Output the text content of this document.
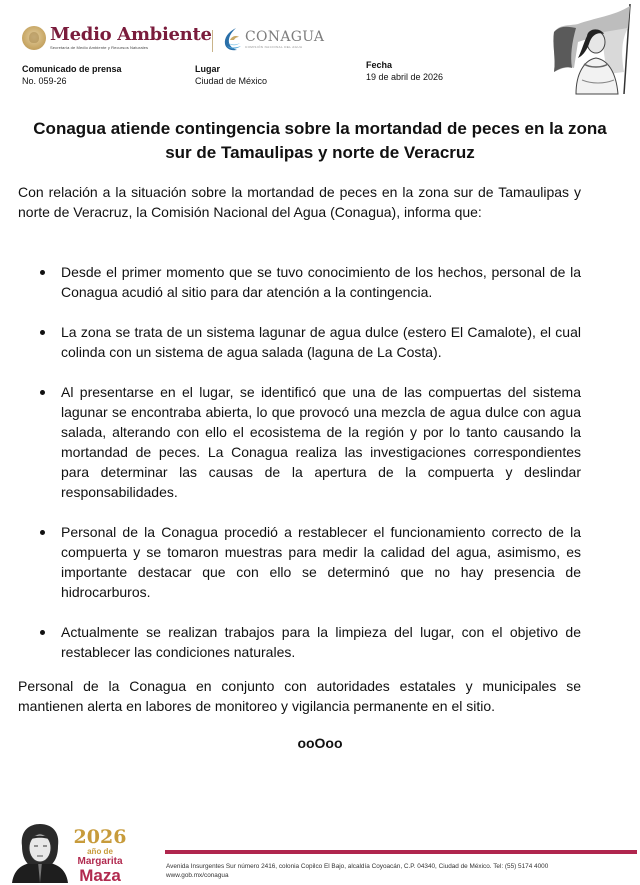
Medio Ambiente
Secretaría de Medio Ambiente y Recursos Naturales
CONAGUA
COMISIÓN NACIONAL DEL AGUA
Comunicado de prensa
No. 059-26
Lugar
Ciudad de México
Fecha
19 de abril de 2026
Conagua atiende contingencia sobre la mortandad de peces en la zona sur de Tamaulipas y norte de Veracruz

Con relación a la situación sobre la mortandad de peces en la zona sur de Tamaulipas y norte de Veracruz, la Comisión Nacional del Agua (Conagua), informa que:

Desde el primer momento que se tuvo conocimiento de los hechos, personal de la Conagua acudió al sitio para dar atención a la contingencia.
La zona se trata de un sistema lagunar de agua dulce (estero El Camalote), el cual colinda con un sistema de agua salada (laguna de La Costa).
Al presentarse en el lugar, se identificó que una de las compuertas del sistema lagunar se encontraba abierta, lo que provocó una mezcla de agua dulce con agua salada, alterando con ello el ecosistema de la región y por lo tanto causando la mortandad de peces. La Conagua realiza las investigaciones correspondientes para determinar las causas de la apertura de la compuerta y deslindar responsabilidades.
Personal de la Conagua procedió a restablecer el funcionamiento correcto de la compuerta y se tomaron muestras para medir la calidad del agua, asimismo, es importante destacar que con ello se determinó que no hay presencia de hidrocarburos.
Actualmente se realizan trabajos para la limpieza del lugar, con el objetivo de restablecer las condiciones naturales.

Personal de la Conagua en conjunto con autoridades estatales y municipales se mantienen alerta en labores de monitoreo y vigilancia permanente en el sitio.

ooOoo
2026
año de
Margarita
Maza	Avenida Insurgentes Sur número 2416, colonia Copilco El Bajo, alcaldía Coyoacán, C.P. 04340, Ciudad de México. Tel: (55) 5174 4000
www.gob.mx/conagua
